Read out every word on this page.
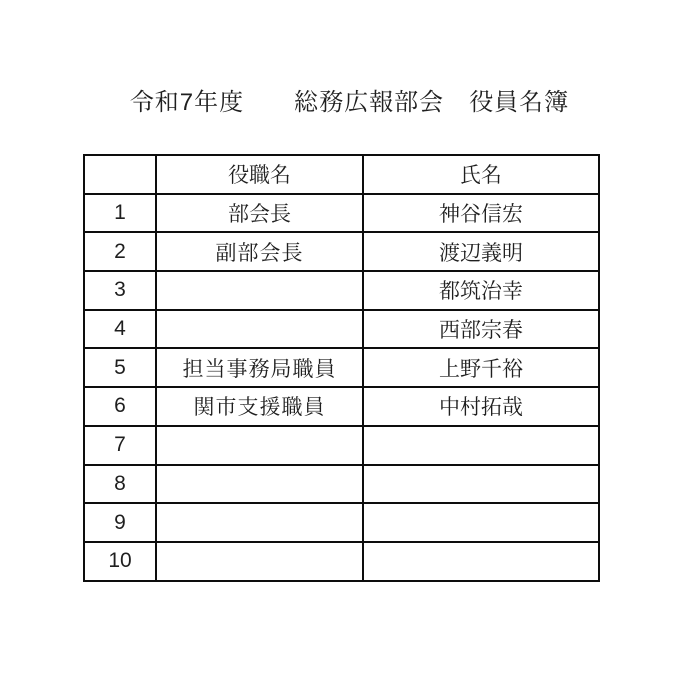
令和7年度　　総務広報部会　役員名簿
	役職名	氏名
1	部会長	神谷信宏
2	副部会長	渡辺義明
3		都筑治幸
4		西部宗春
5	担当事務局職員	上野千裕
6	関市支援職員	中村拓哉
7		
8		
9		
10		
